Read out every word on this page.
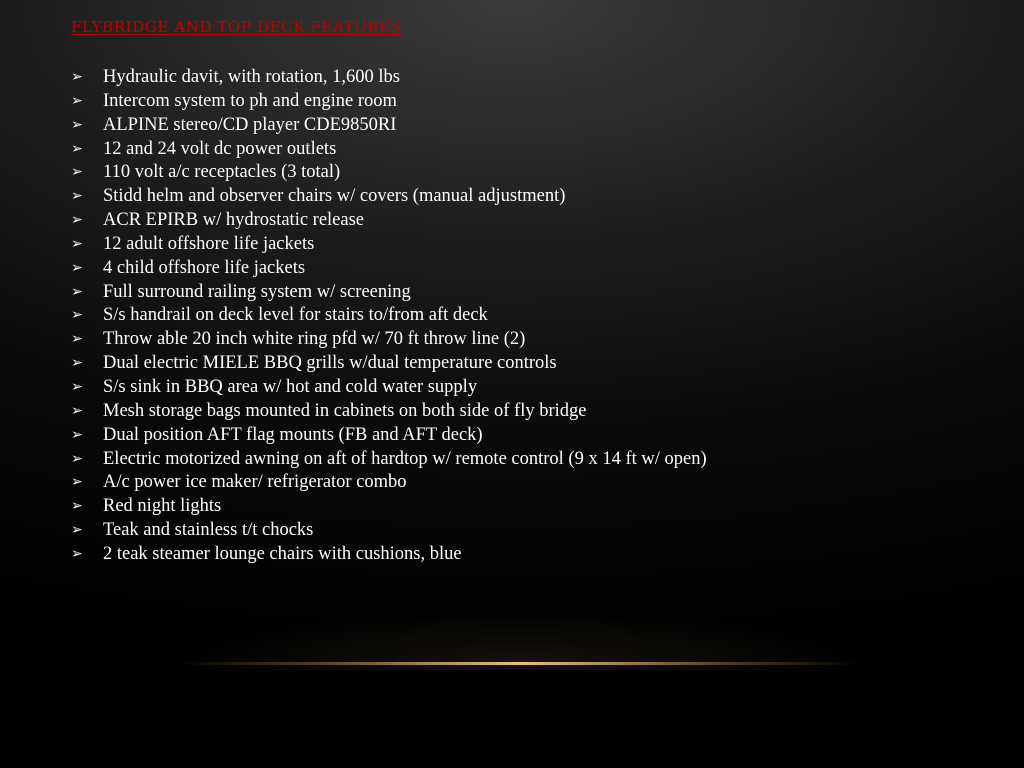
FLYBRIDGE AND TOP DECK FEATURES
➢	Hydraulic davit, with rotation, 1,600 lbs
➢	Intercom system to ph and engine room
➢	ALPINE stereo/CD player CDE9850RI
➢	12 and 24 volt dc power outlets
➢	110 volt a/c receptacles (3 total)
➢	Stidd helm and observer chairs w/ covers (manual adjustment)
➢	ACR EPIRB w/ hydrostatic release
➢	12 adult offshore life jackets
➢	4 child offshore life jackets
➢	Full surround railing system w/ screening
➢	S/s handrail on deck level for stairs to/from aft deck
➢	Throw able 20 inch white ring pfd w/ 70 ft throw line (2)
➢	Dual electric MIELE BBQ grills w/dual temperature controls
➢	S/s sink in BBQ area w/ hot and cold water supply
➢	Mesh storage bags mounted in cabinets on both side of fly bridge
➢	Dual position AFT flag mounts (FB and AFT deck)
➢	Electric motorized awning on aft of hardtop w/ remote control (9 x 14 ft w/ open)
➢	A/c power ice maker/ refrigerator combo
➢	Red night lights
➢	Teak and stainless t/t chocks
➢	2 teak steamer lounge chairs with cushions, blue
